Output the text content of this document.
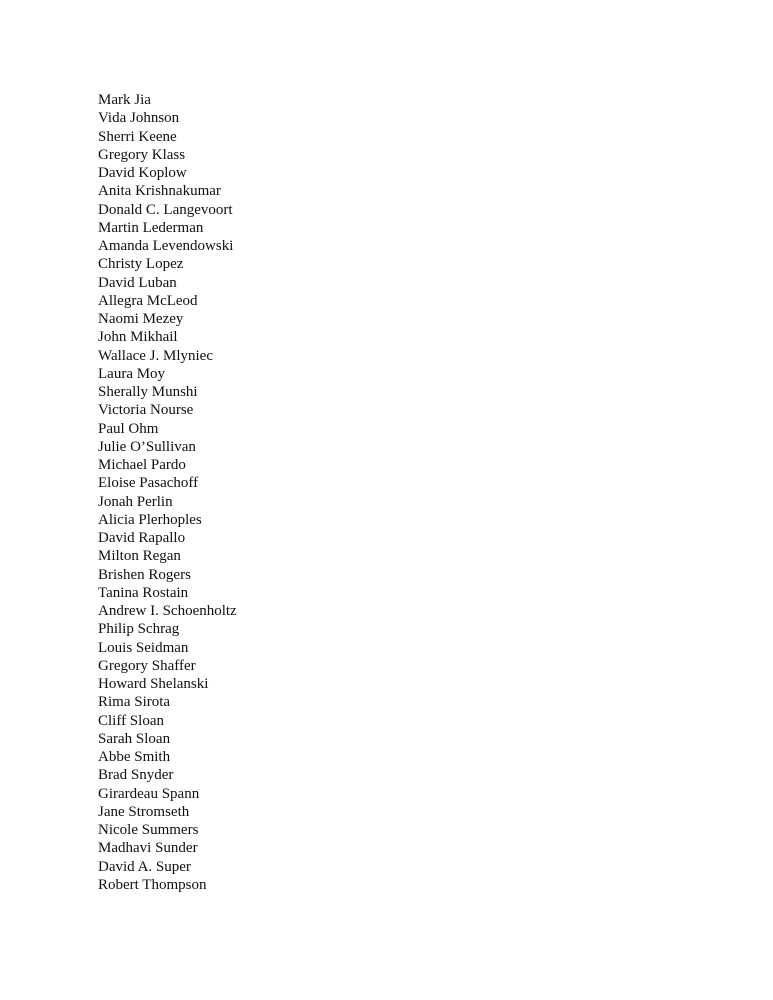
Mark Jia
Vida Johnson
Sherri Keene
Gregory Klass
David Koplow
Anita Krishnakumar
Donald C. Langevoort
Martin Lederman
Amanda Levendowski
Christy Lopez
David Luban
Allegra McLeod
Naomi Mezey
John Mikhail
Wallace J. Mlyniec
Laura Moy
Sherally Munshi
Victoria Nourse
Paul Ohm
Julie O’Sullivan
Michael Pardo
Eloise Pasachoff
Jonah Perlin
Alicia Plerhoples
David Rapallo
Milton Regan
Brishen Rogers
Tanina Rostain
Andrew I. Schoenholtz
Philip Schrag
Louis Seidman
Gregory Shaffer
Howard Shelanski
Rima Sirota
Cliff Sloan
Sarah Sloan
Abbe Smith
Brad Snyder
Girardeau Spann
Jane Stromseth
Nicole Summers
Madhavi Sunder
David A. Super
Robert Thompson
